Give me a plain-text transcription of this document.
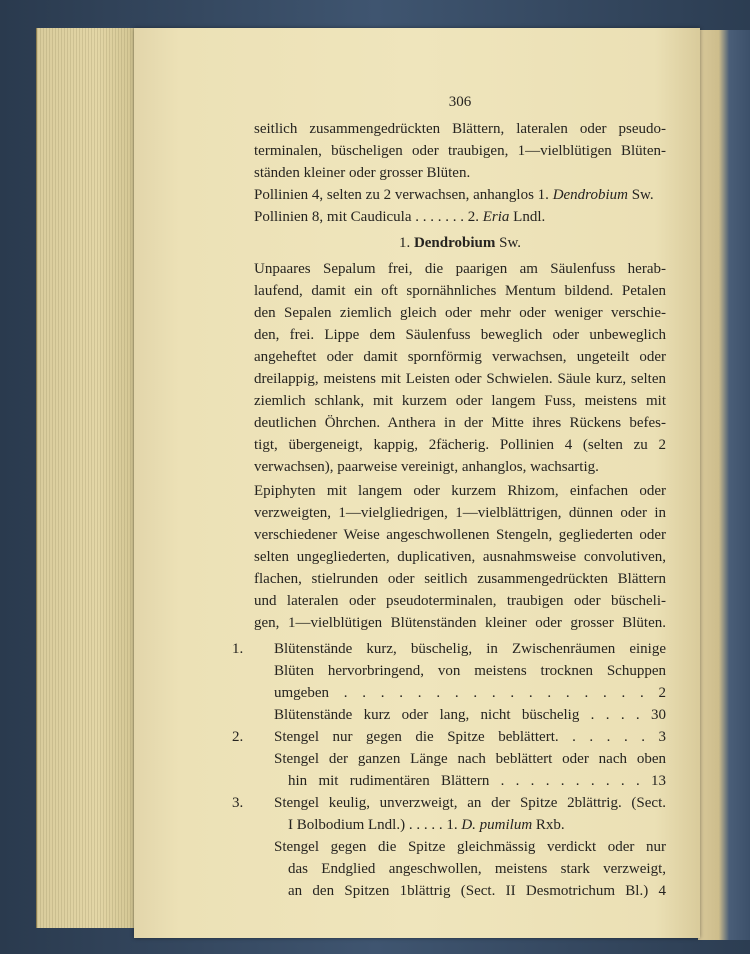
306
seitlich zusammengedrückten Blättern, lateralen oder pseudo-
terminalen, büscheligen oder traubigen, 1—vielblütigen Blüten-
ständen kleiner oder grosser Blüten.
Pollinien 4, selten zu 2 verwachsen, anhanglos 1. Dendrobium Sw.
Pollinien 8, mit Caudicula . . . . . . . 2. Eria Lndl.
1. Dendrobium Sw.
Unpaares Sepalum frei, die paarigen am Säulenfuss herab-
laufend, damit ein oft spornähnliches Mentum bildend. Petalen
den Sepalen ziemlich gleich oder mehr oder weniger verschie-
den, frei. Lippe dem Säulenfuss beweglich oder unbeweglich
angeheftet oder damit spornförmig verwachsen, ungeteilt oder
dreilappig, meistens mit Leisten oder Schwielen. Säule kurz, selten
ziemlich schlank, mit kurzem oder langem Fuss, meistens mit
deutlichen Öhrchen. Anthera in der Mitte ihres Rückens befes-
tigt, übergeneigt, kappig, 2fächerig. Pollinien 4 (selten zu 2
verwachsen), paarweise vereinigt, anhanglos, wachsartig.
Epiphyten mit langem oder kurzem Rhizom, einfachen oder
verzweigten, 1—vielgliedrigen, 1—vielblättrigen, dünnen oder in
verschiedener Weise angeschwollenen Stengeln, gegliederten oder
selten ungegliederten, duplicativen, ausnahmsweise convolutiven,
flachen, stielrunden oder seitlich zusammengedrückten Blättern
und lateralen oder pseudoterminalen, traubigen oder büscheli-
gen, 1—vielblütigen Blütenständen kleiner oder grosser Blüten.
1. Blütenstände kurz, büschelig, in Zwischenräumen einige
Blüten hervorbringend, von meistens trocknen Schuppen
umgeben . . . . . . . . . . . . . . . . . 2
Blütenstände kurz oder lang, nicht büschelig . . . . 30
2. Stengel nur gegen die Spitze beblättert. . . . . . 3
Stengel der ganzen Länge nach beblättert oder nach oben
hin mit rudimentären Blättern . . . . . . . . . . 13
3. Stengel keulig, unverzweigt, an der Spitze 2blättrig. (Sect.
I Bolbodium Lndl.) . . . . . 1. D. pumilum Rxb.
Stengel gegen die Spitze gleichmässig verdickt oder nur
das Endglied angeschwollen, meistens stark verzweigt,
an den Spitzen 1blättrig (Sect. II Desmotrichum Bl.) 4
